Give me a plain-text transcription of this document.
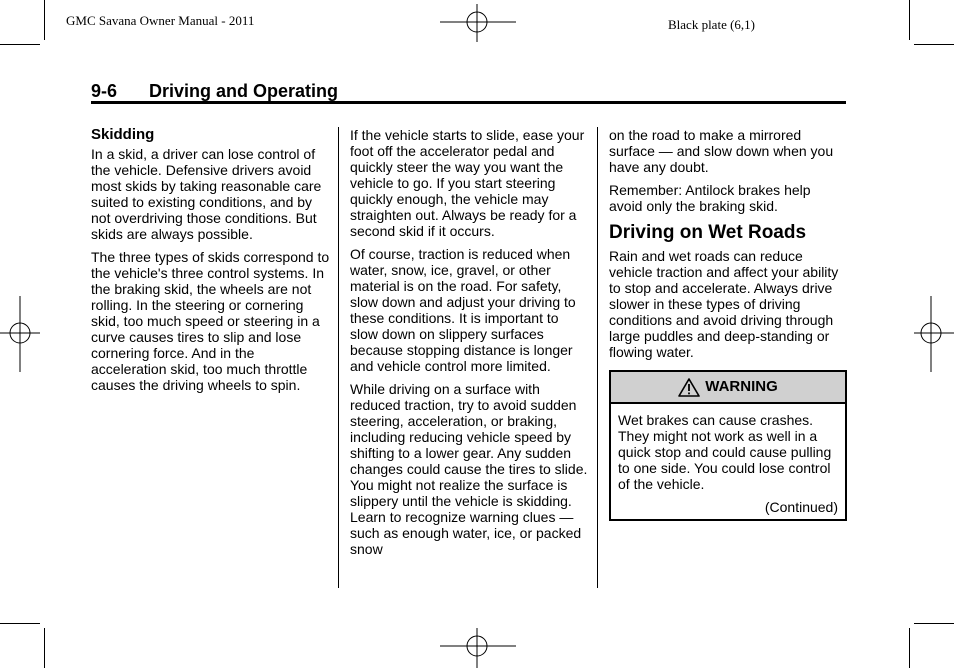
GMC Savana Owner Manual - 2011	Black plate (6,1)
9-6 Driving and Operating
Skidding

In a skid, a driver can lose control of the vehicle. Defensive drivers avoid most skids by taking reasonable care suited to existing conditions, and by not overdriving those conditions. But skids are always possible.

The three types of skids correspond to the vehicle's three control systems. In the braking skid, the wheels are not rolling. In the steering or cornering skid, too much speed or steering in a curve causes tires to slip and lose cornering force. And in the acceleration skid, too much throttle causes the driving wheels to spin.

If the vehicle starts to slide, ease your foot off the accelerator pedal and quickly steer the way you want the vehicle to go. If you start steering quickly enough, the vehicle may straighten out. Always be ready for a second skid if it occurs.

Of course, traction is reduced when water, snow, ice, gravel, or other material is on the road. For safety, slow down and adjust your driving to these conditions. It is important to slow down on slippery surfaces because stopping distance is longer and vehicle control more limited.

While driving on a surface with reduced traction, try to avoid sudden steering, acceleration, or braking, including reducing vehicle speed by shifting to a lower gear. Any sudden changes could cause the tires to slide. You might not realize the surface is slippery until the vehicle is skidding. Learn to recognize warning clues — such as enough water, ice, or packed snow

on the road to make a mirrored surface — and slow down when you have any doubt.

Remember: Antilock brakes help avoid only the braking skid.

Driving on Wet Roads

Rain and wet roads can reduce vehicle traction and affect your ability to stop and accelerate. Always drive slower in these types of driving conditions and avoid driving through large puddles and deep-standing or flowing water.

WARNING

Wet brakes can cause crashes. They might not work as well in a quick stop and could cause pulling to one side. You could lose control of the vehicle.

(Continued)
